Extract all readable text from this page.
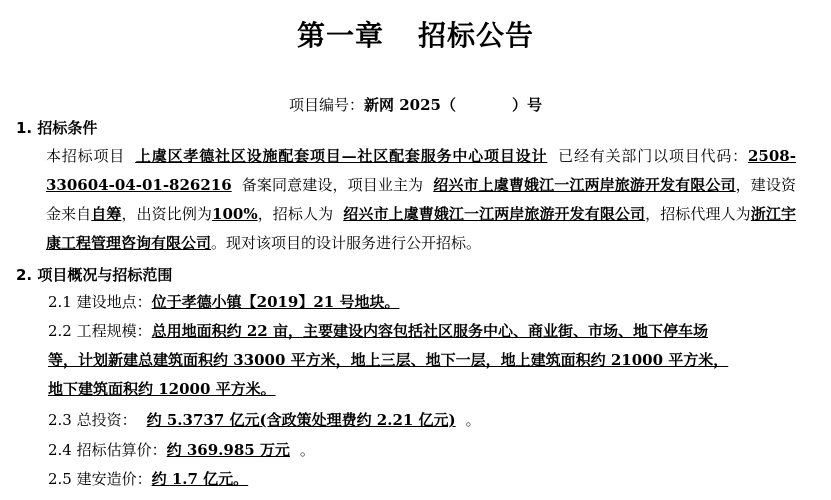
第一章 招标公告
项目编号：新网 2025（	）号
1. 招标条件
本招标项目 上虞区孝德社区设施配套项目—社区配套服务中心项目设计 已经有关部门以项目代码：2508-330604-04-01-826216 备案同意建设，项目业主为 绍兴市上虞曹娥江一江两岸旅游开发有限公司，建设资金来自自筹，出资比例为100%，招标人为 绍兴市上虞曹娥江一江两岸旅游开发有限公司，招标代理人为浙江宇康工程管理咨询有限公司。现对该项目的设计服务进行公开招标。
2. 项目概况与招标范围
2.1 建设地点：位于孝德小镇【2019】21 号地块。
2.2 工程规模：总用地面积约 22 亩，主要建设内容包括社区服务中心、商业街、市场、地下停车场等，计划新建总建筑面积约 33000 平方米，地上三层、地下一层，地上建筑面积约 21000 平方米，地下建筑面积约 12000 平方米。
2.3 总投资： 约 5.3737 亿元(含政策处理费约 2.21 亿元) 。
2.4 招标估算价：约 369.985 万元 。
2.5 建安造价：约 1.7 亿元。
